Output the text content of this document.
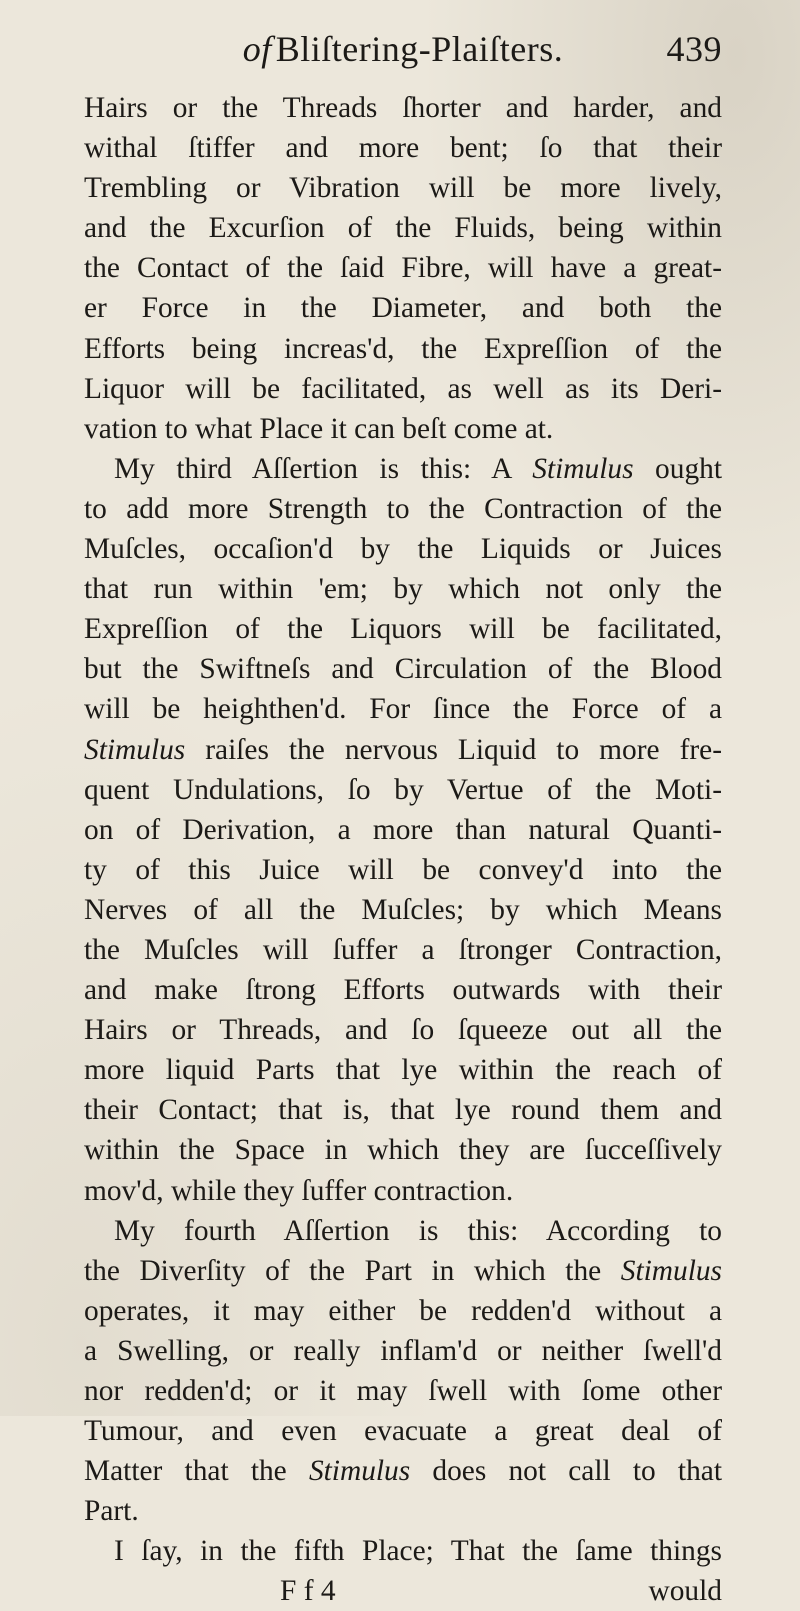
of Bliſtering-Plaiſters.	439
Hairs or the Threads ſhorter and harder, and
withal ſtiffer and more bent; ſo that their
Trembling or Vibration will be more lively,
and the Excurſion of the Fluids, being within
the Contact of the ſaid Fibre, will have a great-
er Force in the Diameter, and both the
Efforts being increas'd, the Expreſſion of the
Liquor will be facilitated, as well as its Deri-
vation to what Place it can beſt come at.
My third Aſſertion is this: A Stimulus ought
to add more Strength to the Contraction of the
Muſcles, occaſion'd by the Liquids or Juices
that run within 'em; by which not only the
Expreſſion of the Liquors will be facilitated,
but the Swiftneſs and Circulation of the Blood
will be heighthen'd. For ſince the Force of a
Stimulus raiſes the nervous Liquid to more fre-
quent Undulations, ſo by Vertue of the Moti-
on of Derivation, a more than natural Quanti-
ty of this Juice will be convey'd into the
Nerves of all the Muſcles; by which Means
the Muſcles will ſuffer a ſtronger Contraction,
and make ſtrong Efforts outwards with their
Hairs or Threads, and ſo ſqueeze out all the
more liquid Parts that lye within the reach of
their Contact; that is, that lye round them and
within the Space in which they are ſucceſſively
mov'd, while they ſuffer contraction.
My fourth Aſſertion is this: According to
the Diverſity of the Part in which the Stimulus
operates, it may either be redden'd without a
a Swelling, or really inflam'd or neither ſwell'd
nor redden'd; or it may ſwell with ſome other
Tumour, and even evacuate a great deal of
Matter that the Stimulus does not call to that
Part.
I ſay, in the fifth Place; That the ſame things
F f 4	would
